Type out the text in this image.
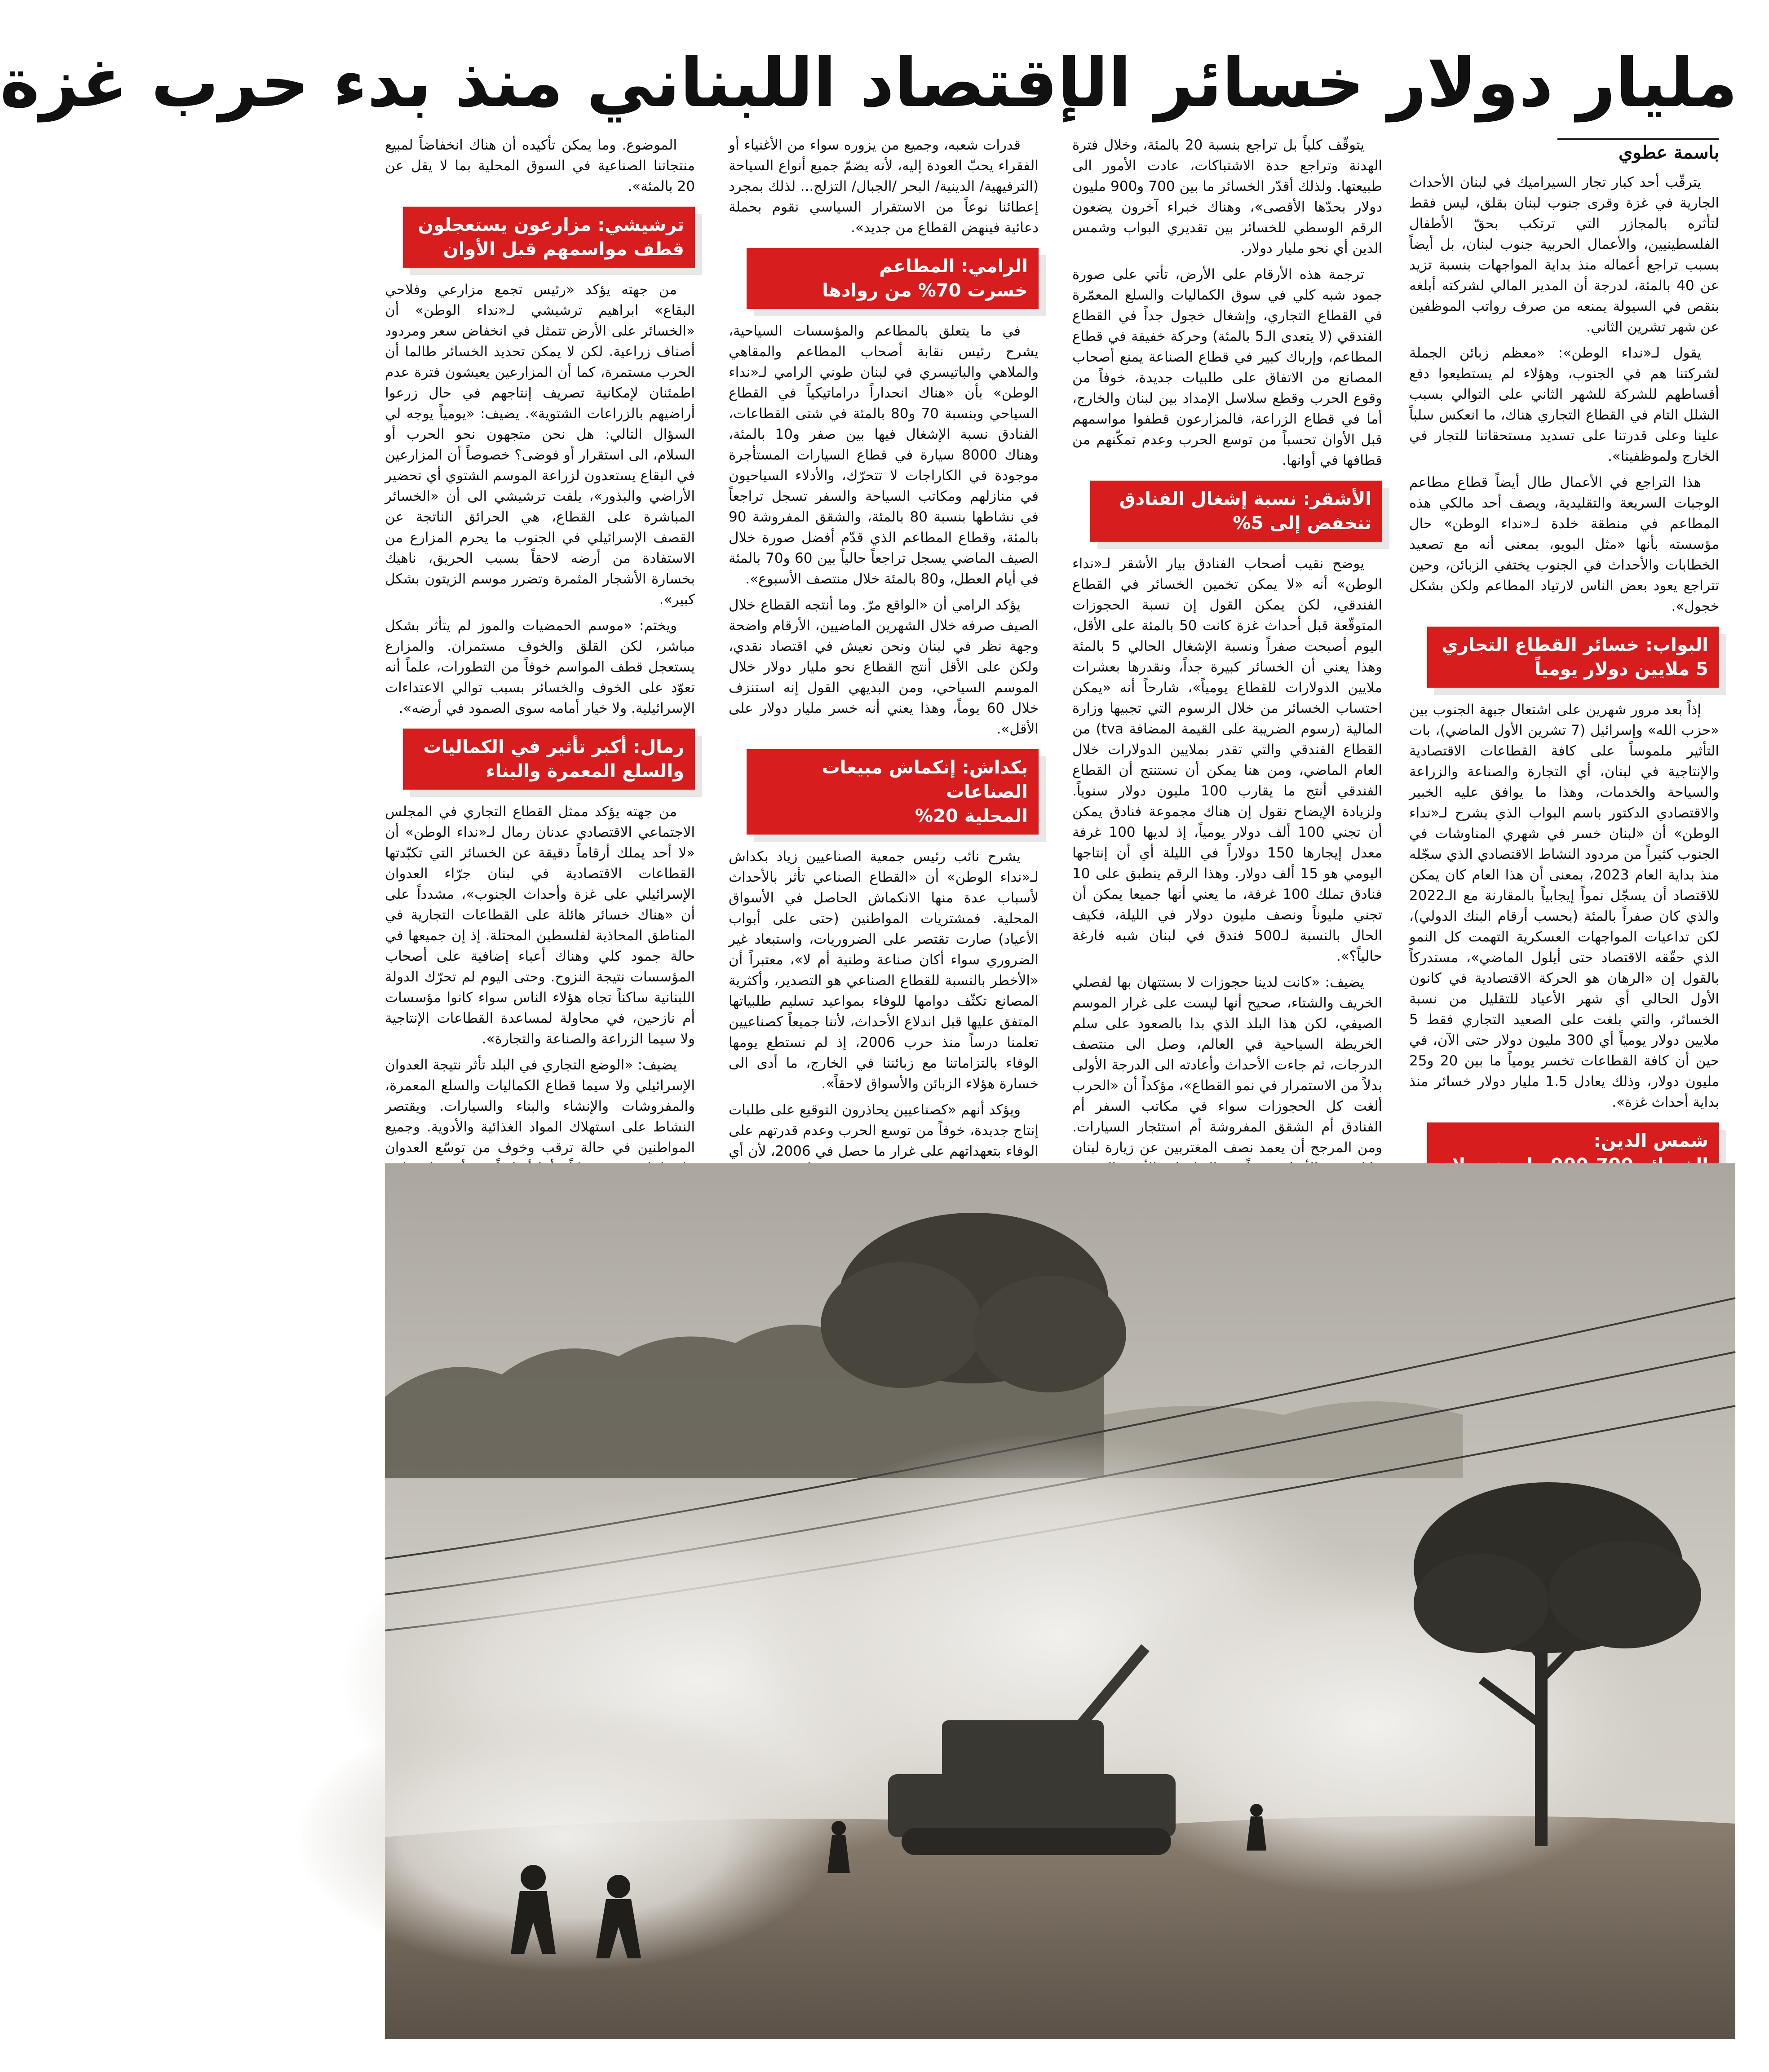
مليار دولار خسائر الإقتصاد اللبناني منذ بدء حرب غزة
باسمة عطوي

يترقّب أحد كبار تجار السيراميك في لبنان الأحداث الجارية في غزة وقرى جنوب لبنان بقلق، ليس فقط لتأثره بالمجازر التي ترتكب بحقّ الأطفال الفلسطينيين، والأعمال الحربية جنوب لبنان، بل أيضاً بسبب تراجع أعماله منذ بداية المواجهات بنسبة تزيد عن 40 بالمئة، لدرجة أن المدير المالي لشركته أبلغه بنقص في السيولة يمنعه من صرف رواتب الموظفين عن شهر تشرين الثاني.

يقول لـ«نداء الوطن»: «معظم زبائن الجملة لشركتنا هم في الجنوب، وهؤلاء لم يستطيعوا دفع أقساطهم للشركة للشهر الثاني على التوالي بسبب الشلل التام في القطاع التجاري هناك، ما انعكس سلباً علينا وعلى قدرتنا على تسديد مستحقاتنا للتجار في الخارج ولموظفينا».

هذا التراجع في الأعمال طال أيضاً قطاع مطاعم الوجبات السريعة والتقليدية، ويصف أحد مالكي هذه المطاعم في منطقة خلدة لـ«نداء الوطن» حال مؤسسته بأنها «مثل البويو، بمعنى أنه مع تصعيد الخطابات والأحداث في الجنوب يختفي الزبائن، وحين تتراجع يعود بعض الناس لارتياد المطاعم ولكن بشكل خجول».

البواب: خسائر القطاع التجاري
5 ملايين دولار يومياً

إذاً بعد مرور شهرين على اشتعال جبهة الجنوب بين «حزب الله» وإسرائيل (7 تشرين الأول الماضي)، بات التأثير ملموساً على كافة القطاعات الاقتصادية والإنتاجية في لبنان، أي التجارة والصناعة والزراعة والسياحة والخدمات، وهذا ما يوافق عليه الخبير والاقتصادي الدكتور باسم البواب الذي يشرح لـ«نداء الوطن» أن «لبنان خسر في شهري المناوشات في الجنوب كثيراً من مردود النشاط الاقتصادي الذي سجّله منذ بداية العام 2023، بمعنى أن هذا العام كان يمكن للاقتصاد أن يسجّل نمواً إيجابياً بالمقارنة مع الـ2022 والذي كان صفراً بالمئة (بحسب أرقام البنك الدولي)، لكن تداعيات المواجهات العسكرية التهمت كل النمو الذي حقّقه الاقتصاد حتى أيلول الماضي»، مستدركاً بالقول إن «الرهان هو الحركة الاقتصادية في كانون الأول الحالي أي شهر الأعياد للتقليل من نسبة الخسائر، والتي بلغت على الصعيد التجاري فقط 5 ملايين دولار يومياً أي 300 مليون دولار حتى الآن، في حين أن كافة القطاعات تخسر يومياً ما بين 20 و25 مليون دولار، وذلك يعادل 1.5 مليار دولار خسائر منذ بداية أحداث غزة».

شمس الدين:

يتوقّف كلياً بل تراجع بنسبة 20 بالمئة، وخلال فترة الهدنة وتراجع حدة الاشتباكات، عادت الأمور الى طبيعتها. ولذلك أقدّر الخسائر ما بين 700 و900 مليون دولار بحدّها الأقصى»، وهناك خبراء آخرون يضعون الرقم الوسطي للخسائر بين تقديري البواب وشمس الدين أي نحو مليار دولار.

ترجمة هذه الأرقام على الأرض، تأتي على صورة جمود شبه كلي في سوق الكماليات والسلع المعمّرة في القطاع التجاري، وإشغال خجول جداً في القطاع الفندقي (لا يتعدى الـ5 بالمئة) وحركة خفيفة في قطاع المطاعم، وإرباك كبير في قطاع الصناعة يمنع أصحاب المصانع من الاتفاق على طلبيات جديدة، خوفاً من وقوع الحرب وقطع سلاسل الإمداد بين لبنان والخارج، أما في قطاع الزراعة، فالمزارعون قطفوا مواسمهم قبل الأوان تحسباً من توسع الحرب وعدم تمكّنهم من قطافها في أوانها.

الأشقر: نسبة إشغال الفنادق
تنخفض إلى 5%

يوضح نقيب أصحاب الفنادق بيار الأشقر لـ«نداء الوطن» أنه «لا يمكن تخمين الخسائر في القطاع الفندقي، لكن يمكن القول إن نسبة الحجوزات المتوقّعة قبل أحداث غزة كانت 50 بالمئة على الأقل، اليوم أصبحت صفراً ونسبة الإشغال الحالي 5 بالمئة وهذا يعني أن الخسائر كبيرة جداً، ونقدرها بعشرات ملايين الدولارات للقطاع يومياً»، شارحاً أنه «يمكن احتساب الخسائر من خلال الرسوم التي تجبيها وزارة المالية (رسوم الضريبة على القيمة المضافة tva) من القطاع الفندقي والتي تقدر بملايين الدولارات خلال العام الماضي، ومن هنا يمكن أن نستنتج أن القطاع الفندقي أنتج ما يقارب 100 مليون دولار سنوياً. ولزيادة الإيضاح نقول إن هناك مجموعة فنادق يمكن أن تجني 100 ألف دولار يومياً، إذ لديها 100 غرفة معدل إيجارها 150 دولاراً في الليلة أي أن إنتاجها اليومي هو 15 ألف دولار. وهذا الرقم ينطبق على 10 فنادق تملك 100 غرفة، ما يعني أنها جميعا يمكن أن تجني مليوناً ونصف مليون دولار في الليلة، فكيف الحال بالنسبة لـ500 فندق في لبنان شبه فارغة حالياً؟».

يضيف: «كانت لدينا حجوزات لا بستتهان بها لفصلي الخريف والشتاء، صحيح أنها ليست على غرار الموسم الصيفي، لكن هذا البلد الذي بدا بالصعود على سلم الخريطة السياحية في العالم، وصل الى منتصف الدرجات، ثم جاءت الأحداث وأعادته الى الدرجة الأولى بدلاً من الاستمرار في نمو القطاع»، مؤكداً أن «الحرب ألغت كل الحجوزات سواء في مكاتب السفر أم الفنادق أم الشقق المفروشة أم استئجار السيارات. ومن المرجح أن يعمد نصف المغتربين عن زيارة لبنان

قدرات شعبه، وجميع من يزوره سواء من الأغنياء أو الفقراء يحبّ العودة إليه، لأنه يضمّ جميع أنواع السياحة (الترفيهية/ الدينية/ البحر /الجبال/ التزلج... لذلك بمجرد إعطائنا نوعاً من الاستقرار السياسي نقوم بحملة دعائية فينهض القطاع من جديد».

الرامي: المطاعم
خسرت 70% من روادها

في ما يتعلق بالمطاعم والمؤسسات السياحية، يشرح رئيس نقابة أصحاب المطاعم والمقاهي والملاهي والباتيسري في لبنان طوني الرامي لـ«نداء الوطن» بأن «هناك انحداراً دراماتيكياً في القطاع السياحي وبنسبة 70 و80 بالمئة في شتى القطاعات، الفنادق نسبة الإشغال فيها بين صفر و10 بالمئة، وهناك 8000 سيارة في قطاع السيارات المستأجرة موجودة في الكاراجات لا تتحرّك، والأدلاء السياحيون في منازلهم ومكاتب السياحة والسفر تسجل تراجعاً في نشاطها بنسبة 80 بالمئة، والشقق المفروشة 90 بالمئة، وقطاع المطاعم الذي قدّم أفضل صورة خلال الصيف الماضي يسجل تراجعاً حالياً بين 60 و70 بالمئة في أيام العطل، و80 بالمئة خلال منتصف الأسبوع».

يؤكد الرامي أن «الواقع مرّ. وما أنتجه القطاع خلال الصيف صرفه خلال الشهرين الماضيين، الأرقام واضحة وجهة نظر في لبنان ونحن نعيش في اقتصاد نقدي، ولكن على الأقل أنتج القطاع نحو مليار دولار خلال الموسم السياحي، ومن البديهي القول إنه استنزف خلال 60 يوماً، وهذا يعني أنه خسر مليار دولار على الأقل».

بكداش: إنكماش مبيعات الصناعات
المحلية 20%

يشرح نائب رئيس جمعية الصناعيين زياد بكداش لـ«نداء الوطن» أن «القطاع الصناعي تأثر بالأحداث لأسباب عدة منها الانكماش الحاصل في الأسواق المحلية. فمشتريات المواطنين (حتى على أبواب الأعياد) صارت تقتصر على الضروريات، واستبعاد غير الضروري سواء أكان صناعة وطنية أم لا»، معتبراً أن «الأخطر بالنسبة للقطاع الصناعي هو التصدير، وأكثرية المصانع تكثّف دوامها للوفاء بمواعيد تسليم طلبياتها المتفق عليها قبل اندلاع الأحداث، لأننا جميعاً كصناعيين تعلمنا درساً منذ حرب 2006، إذ لم نستطع يومها الوفاء بالتزاماتنا مع زبائننا في الخارج، ما أدى الى خسارة هؤلاء الزبائن والأسواق لاحقاً».

ويؤكد أنهم «كصناعيين يحاذرون التوقيع على طلبات إنتاج جديدة، خوفاً من توسع الحرب وعدم قدرتهم على الوفاء بتعهداتهم على غرار ما حصل في 2006، لأن أي

الموضوع. وما يمكن تأكيده أن هناك انخفاضاً لمبيع منتجاتنا الصناعية في السوق المحلية بما لا يقل عن 20 بالمئة».

ترشيشي: مزارعون يستعجلون
قطف مواسمهم قبل الأوان

من جهته يؤكد «رئيس تجمع مزارعي وفلاحي البقاع» ابراهيم ترشيشي لـ«نداء الوطن» أن «الخسائر على الأرض تتمثل في انخفاض سعر ومردود أصناف زراعية. لكن لا يمكن تحديد الخسائر طالما أن الحرب مستمرة، كما أن المزارعين يعيشون فترة عدم اطمئنان لإمكانية تصريف إنتاجهم في حال زرعوا أراضيهم بالزراعات الشتوية». يضيف: «يومياً يوجه لي السؤال التالي: هل نحن متجهون نحو الحرب أو السلام، الى استقرار أو فوضى؟ خصوصاً أن المزارعين في البقاع يستعدون لزراعة الموسم الشتوي أي تحضير الأراضي والبذور»، يلفت ترشيشي الى أن «الخسائر المباشرة على القطاع، هي الحرائق الناتجة عن القصف الإسرائيلي في الجنوب ما يحرم المزارع من الاستفادة من أرضه لاحقاً بسبب الحريق، ناهيك بخسارة الأشجار المثمرة وتضرر موسم الزيتون بشكل كبير».

ويختم: «موسم الحمضيات والموز لم يتأثر بشكل مباشر، لكن القلق والخوف مستمران. والمزارع يستعجل قطف المواسم خوفاً من التطورات، علماً أنه تعوّد على الخوف والخسائر بسبب توالي الاعتداءات الإسرائيلية. ولا خيار أمامه سوى الصمود في أرضه».

رمال: أكبر تأثير في الكماليات
والسلع المعمرة والبناء

من جهته يؤكد ممثل القطاع التجاري في المجلس الاجتماعي الاقتصادي عدنان رمال لـ«نداء الوطن» أن «لا أحد يملك أرقاماً دقيقة عن الخسائر التي تكبّدتها القطاعات الاقتصادية في لبنان جرّاء العدوان الإسرائيلي على غزة وأحداث الجنوب»، مشدداً على أن «هناك خسائر هائلة على القطاعات التجارية في المناطق المحاذية لفلسطين المحتلة. إذ إن جميعها في حالة جمود كلي وهناك أعباء إضافية على أصحاب المؤسسات نتيجة النزوح. وحتى اليوم لم تحرّك الدولة اللبنانية ساكناً تجاه هؤلاء الناس سواء كانوا مؤسسات أم نازحين، في محاولة لمساعدة القطاعات الإنتاجية ولا سيما الزراعة والصناعة والتجارة».

يضيف: «الوضع التجاري في البلد تأثر نتيجة العدوان الإسرائيلي ولا سيما قطاع الكماليات والسلع المعمرة، والمفروشات والإنشاء والبناء والسيارات. ويقتصر النشاط على استهلاك المواد الغذائية والأدوية. وجميع المواطنين في حالة ترقب وخوف من توسّع العدوان
